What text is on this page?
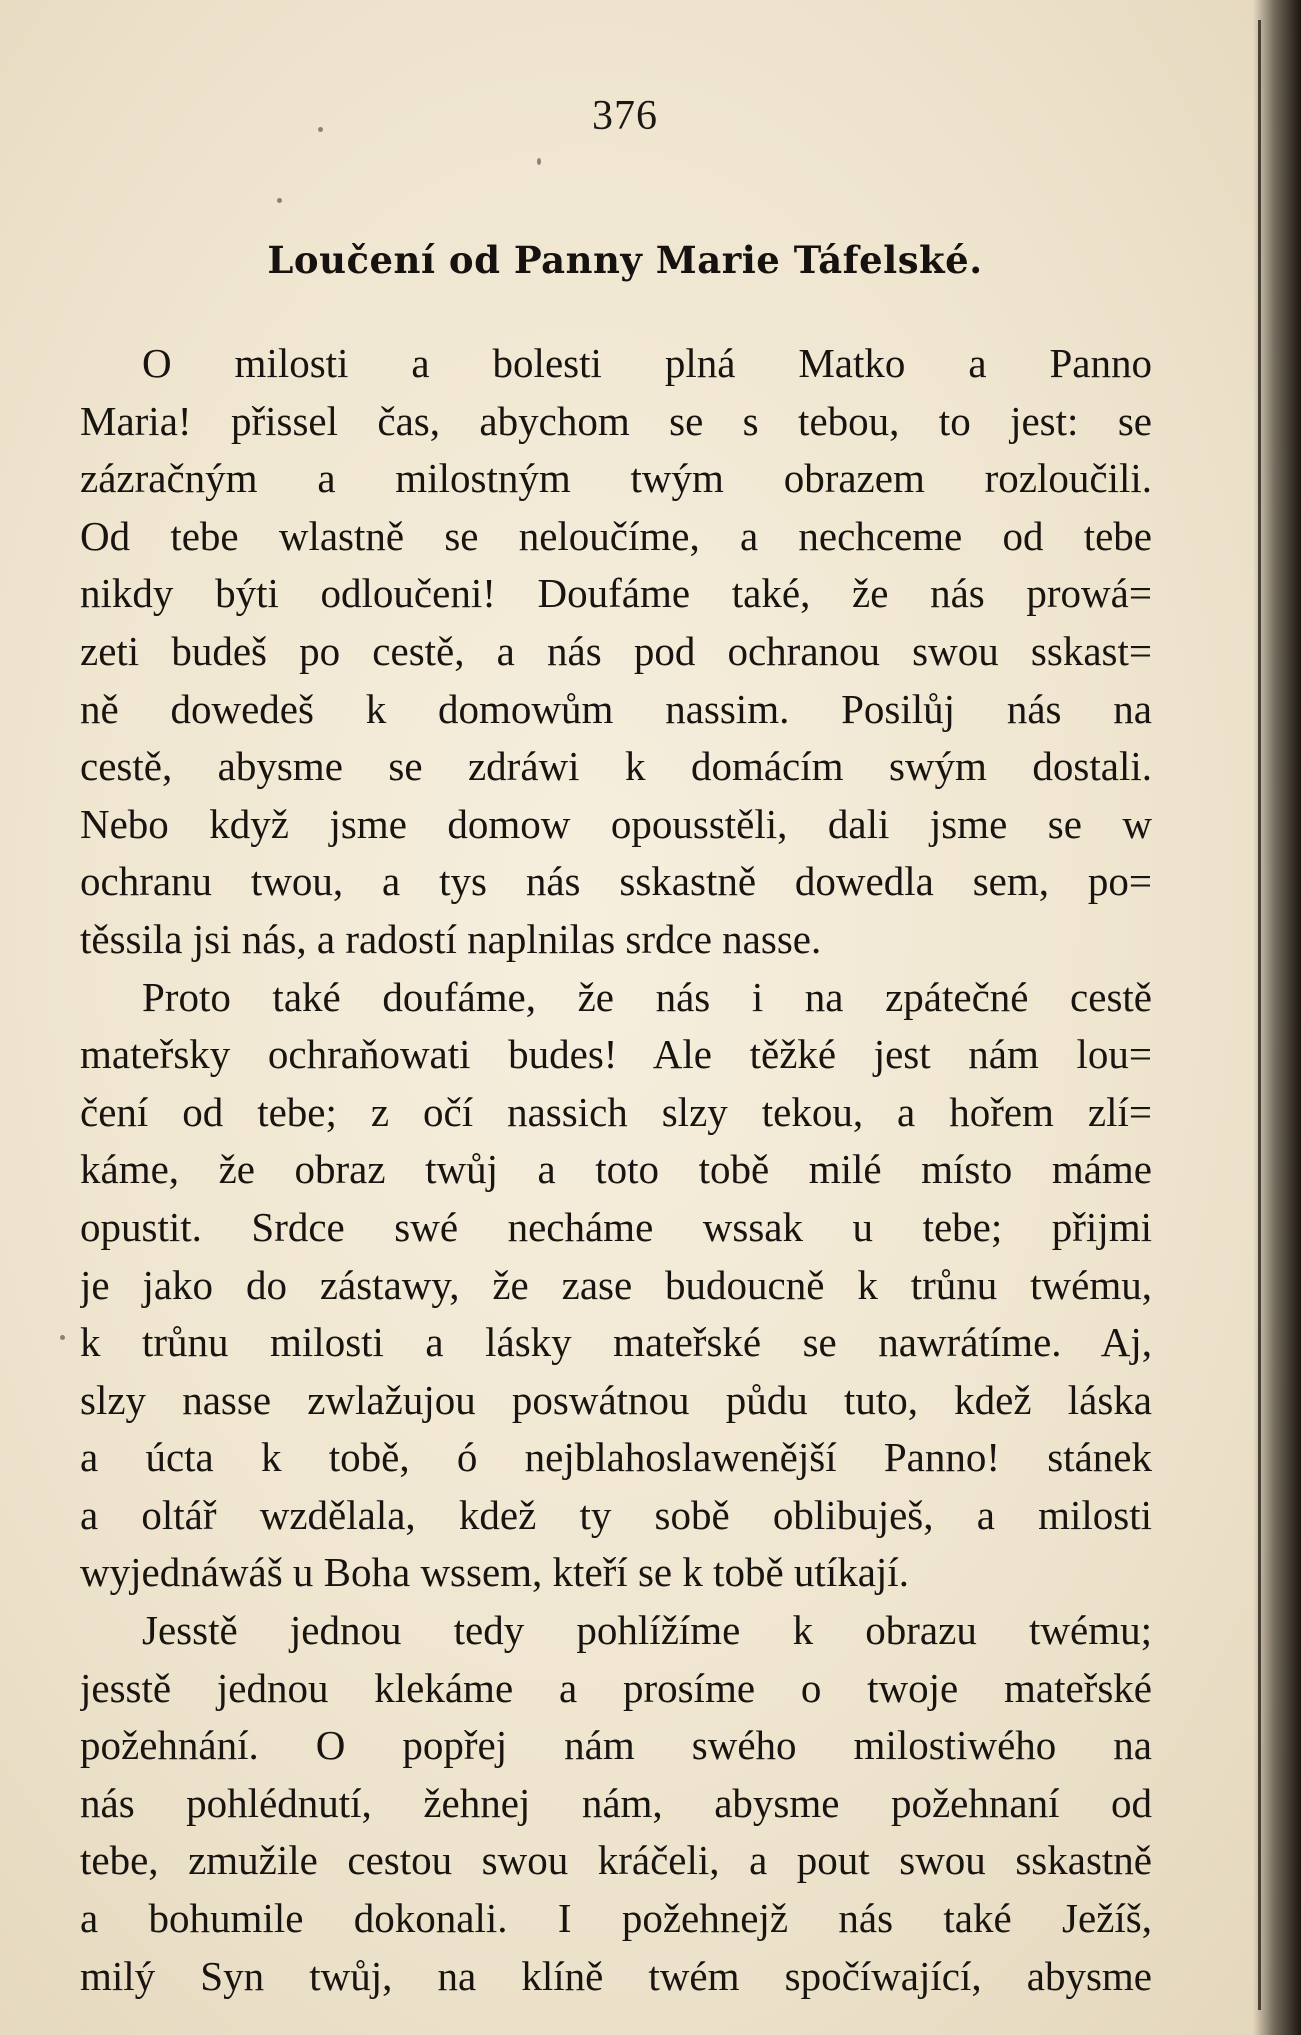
376
Loučení od Panny Marie Táfelské.
O milosti a bolesti plná Matko a Panno
Maria! přissel čas, abychom se s tebou, to jest: se
zázračným a milostným twým obrazem rozloučili.
Od tebe wlastně se neloučíme, a nechceme od tebe
nikdy býti odloučeni! Doufáme také, že nás prowá=
zeti budeš po cestě, a nás pod ochranou swou sskast=
ně dowedeš k domowům nassim. Posilůj nás na
cestě, abysme se zdráwi k domácím swým dostali.
Nebo když jsme domow opousstěli, dali jsme se w
ochranu twou, a tys nás sskastně dowedla sem, po=
těssila jsi nás, a radostí naplnilas srdce nasse.
Proto také doufáme, že nás i na zpátečné cestě
mateřsky ochraňowati budes! Ale těžké jest nám lou=
čení od tebe; z očí nassich slzy tekou, a hořem zlí=
káme, že obraz twůj a toto tobě milé místo máme
opustit. Srdce swé necháme wssak u tebe; přijmi
je jako do zástawy, že zase budoucně k trůnu twému,
k trůnu milosti a lásky mateřské se nawrátíme. Aj,
slzy nasse zwlažujou poswátnou půdu tuto, kdež láska
a úcta k tobě, ó nejblahoslawenější Panno! stánek
a oltář wzdělala, kdež ty sobě oblibuješ, a milosti
wyjednáwáš u Boha wssem, kteří se k tobě utíkají.
Jesstě jednou tedy pohlížíme k obrazu twému;
jesstě jednou klekáme a prosíme o twoje mateřské
požehnání. O popřej nám swého milostiwého na
nás pohlédnutí, žehnej nám, abysme požehnaní od
tebe, zmužile cestou swou kráčeli, a pout swou sskastně
a bohumile dokonali. I požehnejž nás také Ježíš,
milý Syn twůj, na klíně twém spočíwající, abysme
